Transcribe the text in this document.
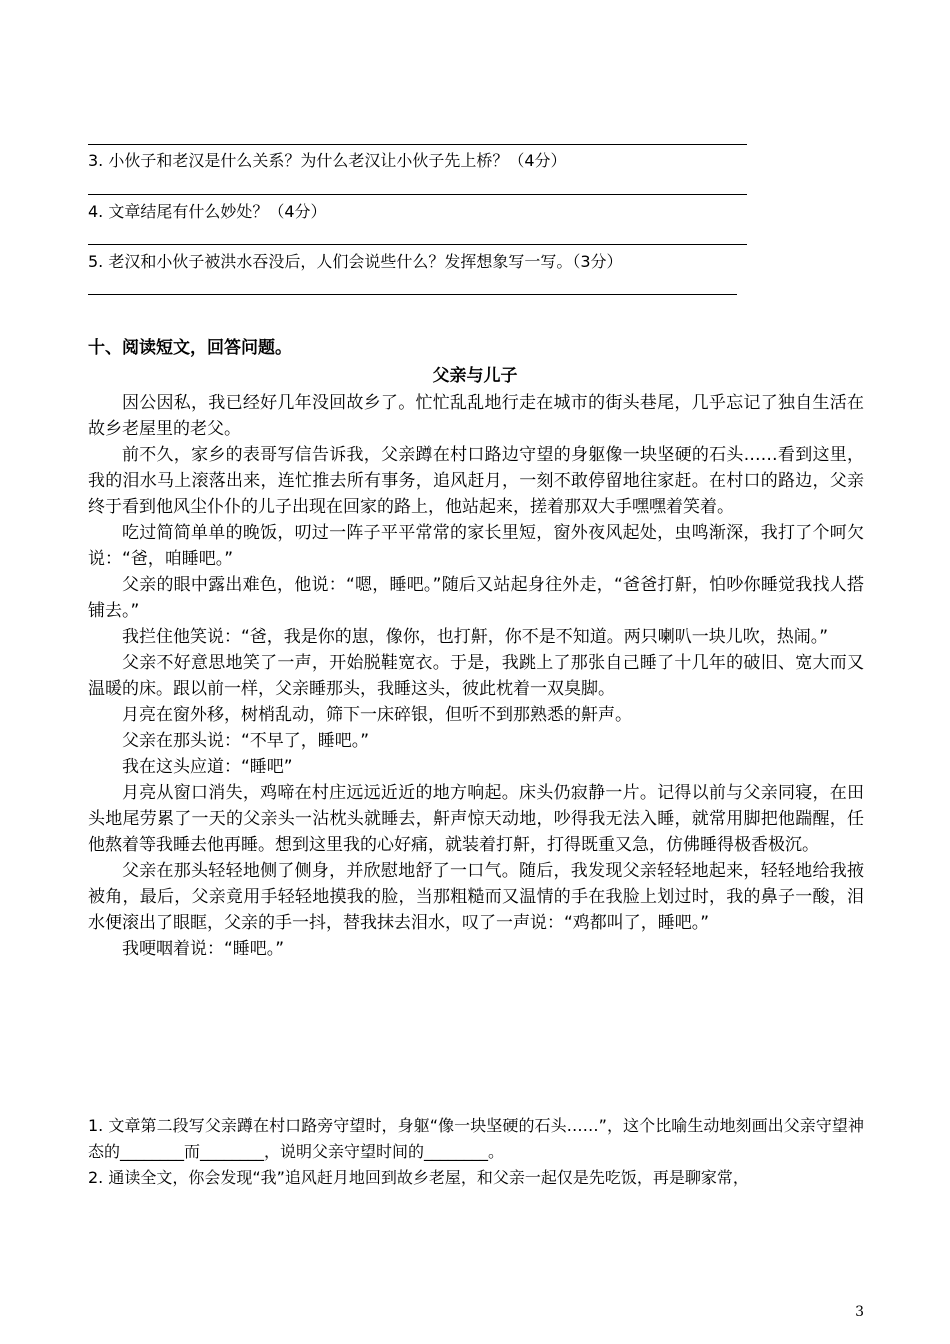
3. 小伙子和老汉是什么关系？为什么老汉让小伙子先上桥？（4分）
4. 文章结尾有什么妙处？（4分）
5. 老汉和小伙子被洪水吞没后，人们会说些什么？发挥想象写一写。（3分）
十、阅读短文，回答问题。
父亲与儿子

因公因私，我已经好几年没回故乡了。忙忙乱乱地行走在城市的街头巷尾，几乎忘记了独自生活在故乡老屋里的老父。

前不久，家乡的表哥写信告诉我，父亲蹲在村口路边守望的身躯像一块坚硬的石头……看到这里，我的泪水马上滚落出来，连忙推去所有事务，追风赶月，一刻不敢停留地往家赶。在村口的路边，父亲终于看到他风尘仆仆的儿子出现在回家的路上，他站起来，搓着那双大手嘿嘿着笑着。

吃过简简单单的晚饭，叨过一阵子平平常常的家长里短，窗外夜风起处，虫鸣渐深，我打了个呵欠说：“爸，咱睡吧。”

父亲的眼中露出难色，他说：“嗯，睡吧。”随后又站起身往外走，“爸爸打鼾，怕吵你睡觉我找人搭铺去。”

我拦住他笑说：“爸，我是你的崽，像你，也打鼾，你不是不知道。两只喇叭一块儿吹，热闹。”

父亲不好意思地笑了一声，开始脱鞋宽衣。于是，我跳上了那张自己睡了十几年的破旧、宽大而又温暖的床。跟以前一样，父亲睡那头，我睡这头，彼此枕着一双臭脚。

月亮在窗外移，树梢乱动，筛下一床碎银，但听不到那熟悉的鼾声。

父亲在那头说：“不早了，睡吧。”

我在这头应道：“睡吧”

月亮从窗口消失，鸡啼在村庄远远近近的地方响起。床头仍寂静一片。记得以前与父亲同寝，在田头地尾劳累了一天的父亲头一沾枕头就睡去，鼾声惊天动地，吵得我无法入睡，就常用脚把他踹醒，任他熬着等我睡去他再睡。想到这里我的心好痛，就装着打鼾，打得既重又急，仿佛睡得极香极沉。

父亲在那头轻轻地侧了侧身，并欣慰地舒了一口气。随后，我发现父亲轻轻地起来，轻轻地给我掖被角，最后，父亲竟用手轻轻地摸我的脸，当那粗糙而又温情的手在我脸上划过时，我的鼻子一酸，泪水便滚出了眼眶，父亲的手一抖，替我抹去泪水，叹了一声说：“鸡都叫了，睡吧。”

我哽咽着说：“睡吧。”

1. 文章第二段写父亲蹲在村口路旁守望时，身躯“像一块坚硬的石头……”，这个比喻生动地刻画出父亲守望神态的________而________，说明父亲守望时间的________。

2. 通读全文，你会发现“我”追风赶月地回到故乡老屋，和父亲一起仅是先吃饭，再是聊家常，

3
